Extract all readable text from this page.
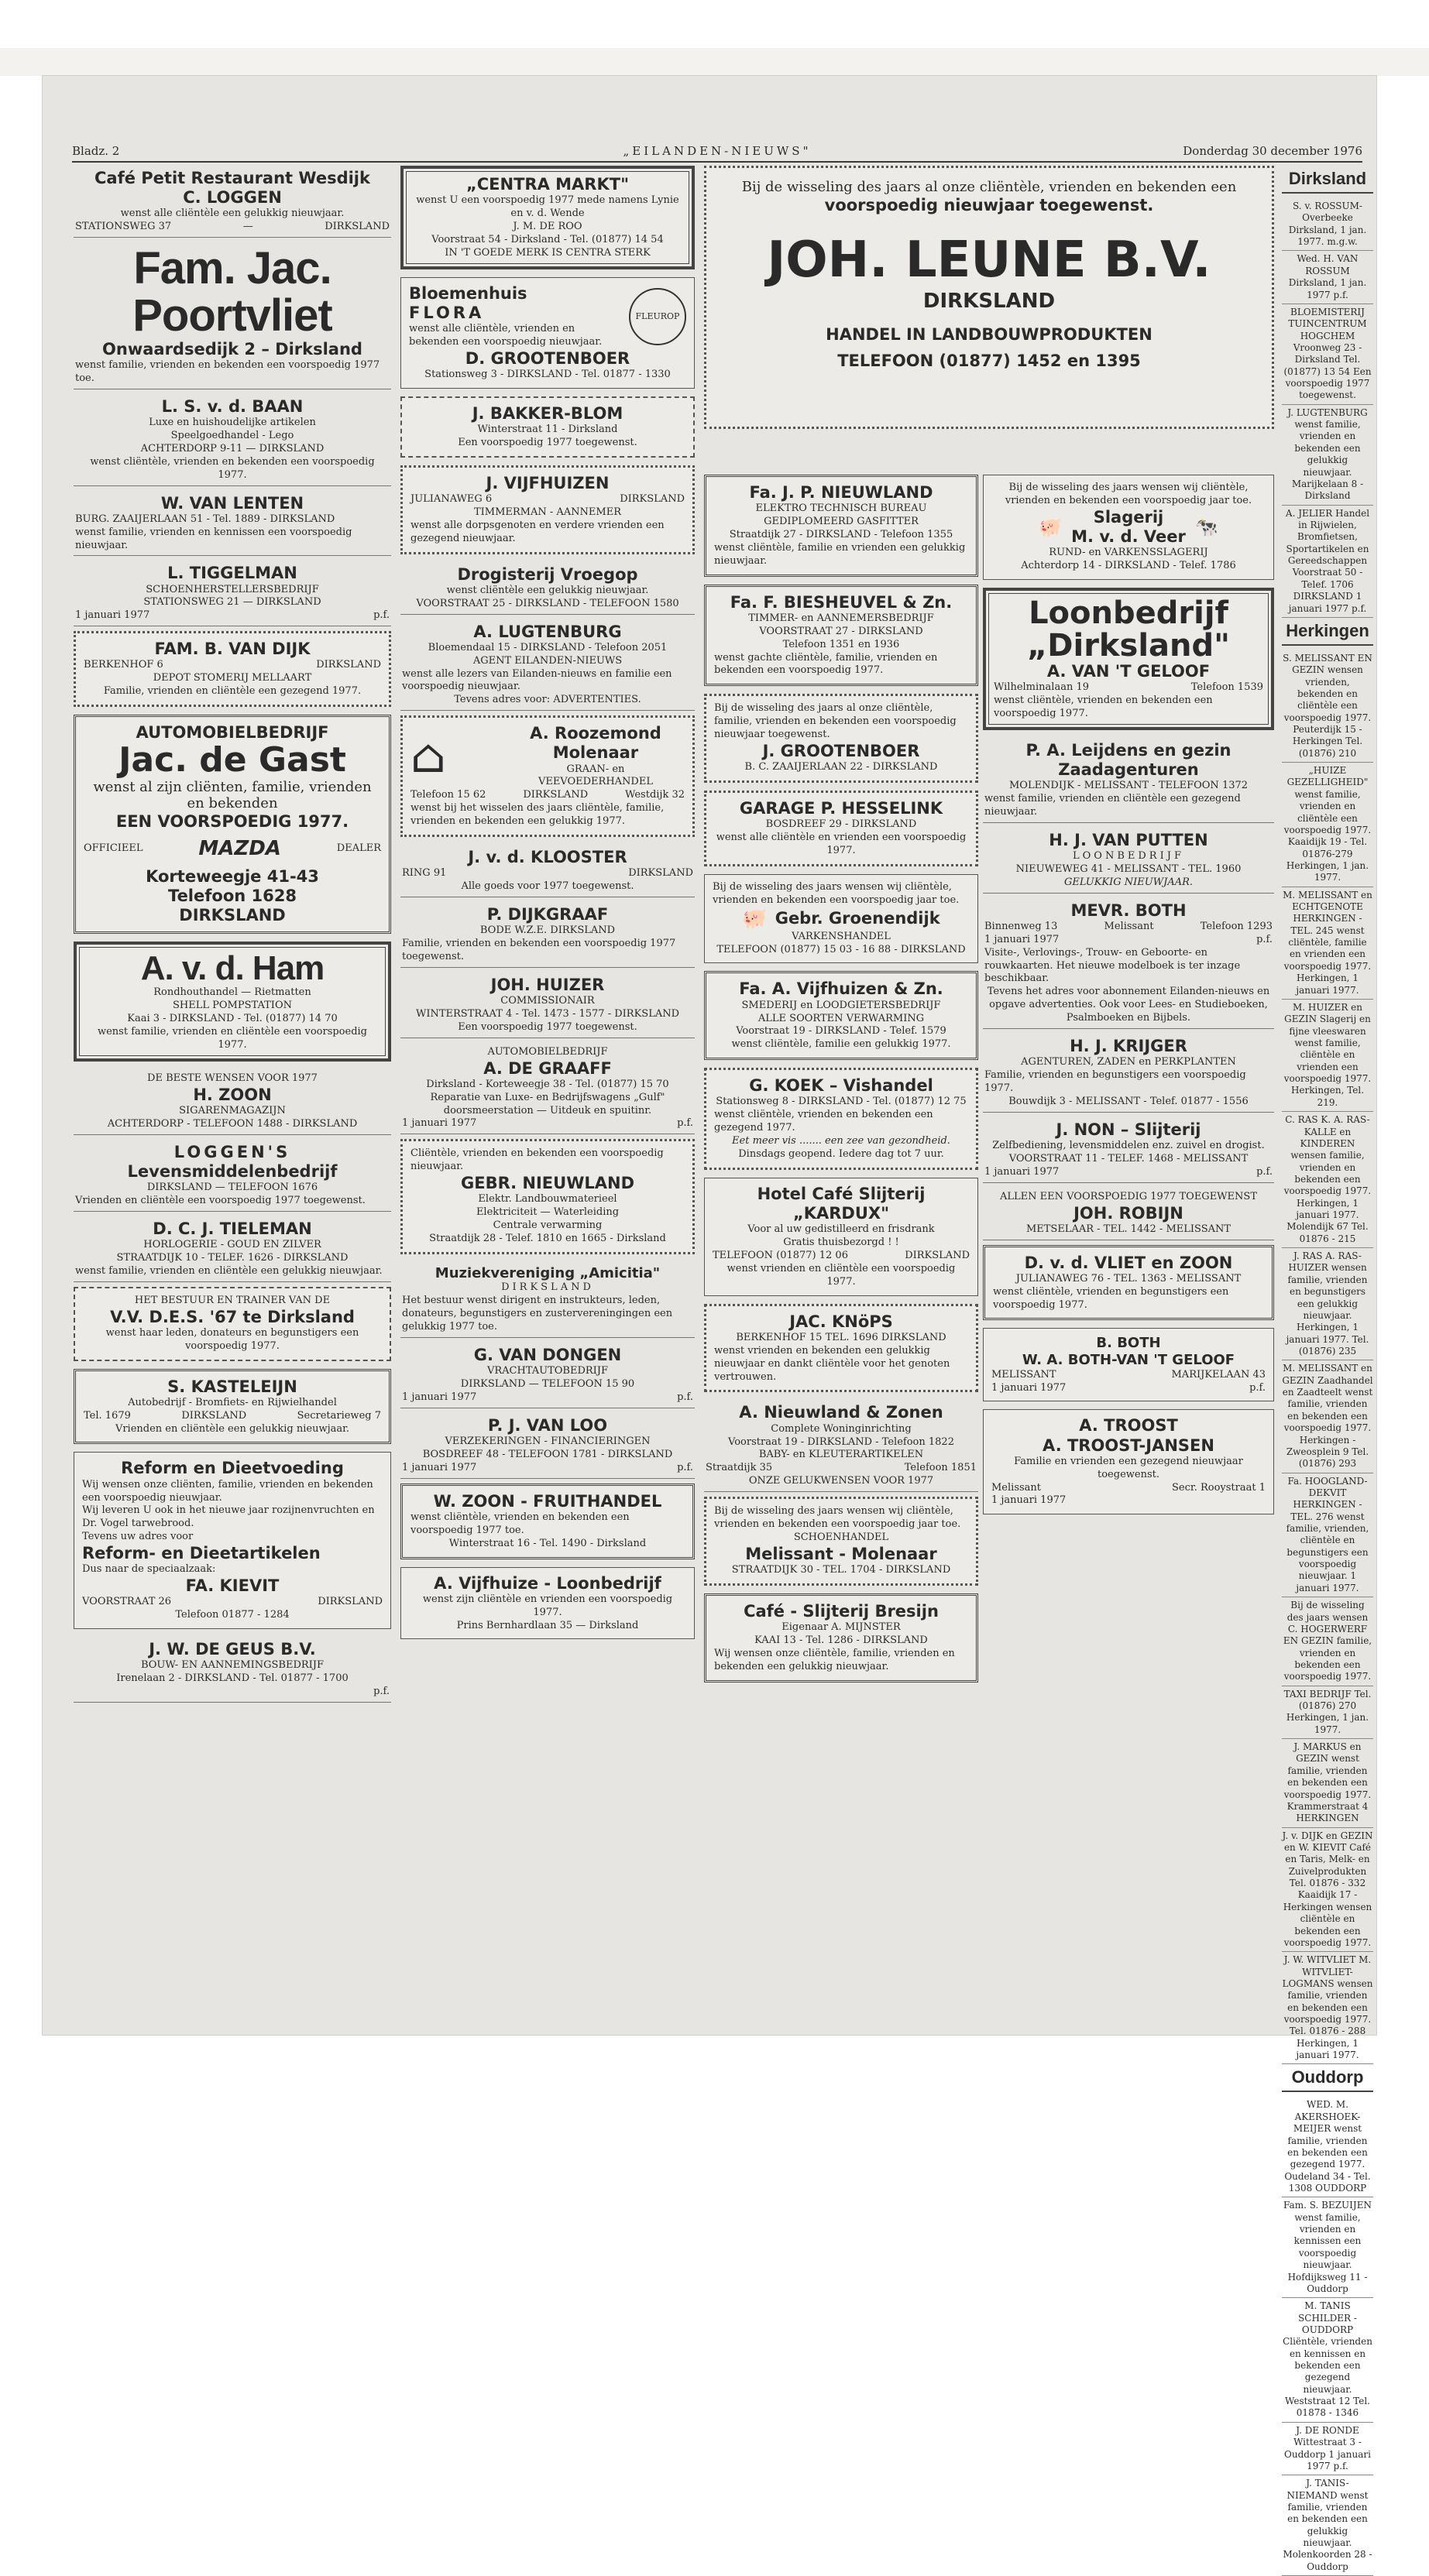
Bladz. 2	„EILANDEN-NIEUWS"	Donderdag 30 december 1976
Café Petit Restaurant Wesdijk
C. LOGGEN
wenst alle cliëntèle een gelukkig nieuwjaar.
STATIONSWEG 37	—	DIRKSLAND
Fam. Jac. Poortvliet
Onwaardsedijk 2 – Dirksland
wenst familie, vrienden en bekenden een voorspoedig 1977 toe.
L. S. v. d. BAAN
Luxe en huishoudelijke artikelen
Speelgoedhandel - Lego
ACHTERDORP 9-11 — DIRKSLAND
wenst cliëntèle, vrienden en bekenden een voorspoedig 1977.
W. VAN LENTEN
BURG. ZAAIJERLAAN 51 - Tel. 1889 - DIRKSLAND
wenst familie, vrienden en kennissen een voorspoedig nieuwjaar.
L. TIGGELMAN
SCHOENHERSTELLERSBEDRIJF
STATIONSWEG 21 — DIRKSLAND
1 januari 1977	p.f.
FAM. B. VAN DIJK
BERKENHOF 6	DIRKSLAND
DEPOT STOMERIJ MELLAART
Familie, vrienden en cliëntèle een gezegend 1977.
AUTOMOBIELBEDRIJF
Jac. de Gast
wenst al zijn cliënten, familie, vrienden en bekenden
EEN VOORSPOEDIG 1977.
OFFICIEEL	MAZDA	DEALER
Korteweegje 41-43
Telefoon 1628
DIRKSLAND
A. v. d. Ham
Rondhouthandel — Rietmatten
SHELL POMPSTATION
Kaai 3 - DIRKSLAND - Tel. (01877) 14 70
wenst familie, vrienden en cliëntèle een voorspoedig 1977.
DE BESTE WENSEN VOOR 1977
H. ZOON
SIGARENMAGAZIJN
ACHTERDORP - TELEFOON 1488 - DIRKSLAND
LOGGEN'S
Levensmiddelenbedrijf
DIRKSLAND — TELEFOON 1676
Vrienden en cliëntèle een voorspoedig 1977 toegewenst.
D. C. J. TIELEMAN
HORLOGERIE - GOUD EN ZILVER
STRAATDIJK 10 - TELEF. 1626 - DIRKSLAND
wenst familie, vrienden en cliëntèle een gelukkig nieuwjaar.
HET BESTUUR EN TRAINER VAN DE
V.V. D.E.S. '67 te Dirksland
wenst haar leden, donateurs en begunstigers een voorspoedig 1977.
S. KASTELEIJN
Autobedrijf - Bromfiets- en Rijwielhandel
Tel. 1679	DIRKSLAND	Secretarieweg 7
Vrienden en cliëntèle een gelukkig nieuwjaar.
Reform en Dieetvoeding
Wij wensen onze cliënten, familie, vrienden en bekenden een voorspoedig nieuwjaar.
Wij leveren U ook in het nieuwe jaar rozijnenvruchten en Dr. Vogel tarwebrood.
Tevens uw adres voor
Reform- en Dieetartikelen
Dus naar de speciaalzaak:
FA. KIEVIT
VOORSTRAAT 26	DIRKSLAND
Telefoon 01877 - 1284
J. W. DE GEUS B.V.
BOUW- EN AANNEMINGSBEDRIJF
Irenelaan 2 - DIRKSLAND - Tel. 01877 - 1700
p.f.
„CENTRA MARKT"
wenst U een voorspoedig 1977 mede namens Lynie en v. d. Wende
J. M. DE ROO
Voorstraat 54 - Dirksland - Tel. (01877) 14 54
IN 'T GOEDE MERK IS CENTRA STERK
Bloemenhuis
FLORA
wenst alle cliëntèle, vrienden en bekenden een voorspoedig nieuwjaar.
FLEUROP
D. GROOTENBOER
Stationsweg 3 - DIRKSLAND - Tel. 01877 - 1330
J. BAKKER-BLOM
Winterstraat 11 - Dirksland
Een voorspoedig 1977 toegewenst.
J. VIJFHUIZEN
JULIANAWEG 6	DIRKSLAND
TIMMERMAN - AANNEMER
wenst alle dorpsgenoten en verdere vrienden een gezegend nieuwjaar.
Drogisterij Vroegop
wenst cliëntèle een gelukkig nieuwjaar.
VOORSTRAAT 25 - DIRKSLAND - TELEFOON 1580
A. LUGTENBURG
Bloemendaal 15 - DIRKSLAND - Telefoon 2051
AGENT EILANDEN-NIEUWS
wenst alle lezers van Eilanden-nieuws en familie een voorspoedig nieuwjaar.
Tevens adres voor: ADVERTENTIES.
⌂	A. Roozemond
Molenaar
GRAAN- en
VEEVOEDERHANDEL
Telefoon 15 62	DIRKSLAND	Westdijk 32
wenst bij het wisselen des jaars cliëntèle, familie, vrienden en bekenden een gelukkig 1977.
J. v. d. KLOOSTER
RING 91	DIRKSLAND
Alle goeds voor 1977 toegewenst.
P. DIJKGRAAF
BODE W.Z.E. DIRKSLAND
Familie, vrienden en bekenden een voorspoedig 1977 toegewenst.
JOH. HUIZER
COMMISSIONAIR
WINTERSTRAAT 4 - Tel. 1473 - 1577 - DIRKSLAND
Een voorspoedig 1977 toegewenst.
AUTOMOBIELBEDRIJF
A. DE GRAAFF
Dirksland - Korteweegje 38 - Tel. (01877) 15 70
Reparatie van Luxe- en Bedrijfswagens „Gulf" doorsmeerstation — Uitdeuk en spuitinr.
1 januari 1977	p.f.
Cliëntèle, vrienden en bekenden een voorspoedig nieuwjaar.
GEBR. NIEUWLAND
Elektr. Landbouwmaterieel
Elektriciteit — Waterleiding
Centrale verwarming
Straatdijk 28 - Telef. 1810 en 1665 - Dirksland
Muziekvereniging „Amicitia"
DIRKSLAND
Het bestuur wenst dirigent en instrukteurs, leden, donateurs, begunstigers en zustervereningingen een gelukkig 1977 toe.
G. VAN DONGEN
VRACHTAUTOBEDRIJF
DIRKSLAND — TELEFOON 15 90
1 januari 1977	p.f.
P. J. VAN LOO
VERZEKERINGEN - FINANCIERINGEN
BOSDREEF 48 - TELEFOON 1781 - DIRKSLAND
1 januari 1977	p.f.
W. ZOON - FRUITHANDEL
wenst cliëntèle, vrienden en bekenden een voorspoedig 1977 toe.
Winterstraat 16 - Tel. 1490 - Dirksland
A. Vijfhuize - Loonbedrijf
wenst zijn cliëntèle en vrienden een voorspoedig 1977.
Prins Bernhardlaan 35 — Dirksland
Fa. J. P. NIEUWLAND
ELEKTRO TECHNISCH BUREAU
GEDIPLOMEERD GASFITTER
Straatdijk 27 - DIRKSLAND - Telefoon 1355
wenst cliëntèle, familie en vrienden een gelukkig nieuwjaar.
Fa. F. BIESHEUVEL & Zn.
TIMMER- en AANNEMERSBEDRIJF
VOORSTRAAT 27 - DIRKSLAND
Telefoon 1351 en 1936
wenst gachte cliëntèle, familie, vrienden en bekenden een voorspoedig 1977.
Bij de wisseling des jaars al onze cliëntèle, familie, vrienden en bekenden een voorspoedig nieuwjaar toegewenst.
J. GROOTENBOER
B. C. ZAAIJERLAAN 22 - DIRKSLAND
GARAGE P. HESSELINK
BOSDREEF 29 - DIRKSLAND
wenst alle cliëntèle en vrienden een voorspoedig 1977.
Bij de wisseling des jaars wensen wij cliëntèle, vrienden en bekenden een voorspoedig jaar toe.
🐖 Gebr. Groenendijk
VARKENSHANDEL
TELEFOON (01877) 15 03 - 16 88 - DIRKSLAND
Fa. A. Vijfhuizen & Zn.
SMEDERIJ en LOODGIETERSBEDRIJF
ALLE SOORTEN VERWARMING
Voorstraat 19 - DIRKSLAND - Telef. 1579
wenst cliëntèle, familie een gelukkig 1977.
G. KOEK – Vishandel
Stationsweg 8 - DIRKSLAND - Tel. (01877) 12 75
wenst cliëntèle, vrienden en bekenden een gezegend 1977.
Eet meer vis ....... een zee van gezondheid.
Dinsdags geopend. Iedere dag tot 7 uur.
Hotel Café Slijterij
„KARDUX"
Voor al uw gedistilleerd en frisdrank
Gratis thuisbezorgd ! !
TELEFOON (01877) 12 06	DIRKSLAND
wenst vrienden en cliëntèle een voorspoedig 1977.
JAC. KNöPS
BERKENHOF 15 TEL. 1696 DIRKSLAND
wenst vrienden en bekenden een gelukkig nieuwjaar en dankt cliëntèle voor het genoten vertrouwen.
A. Nieuwland & Zonen
Complete Woninginrichting
Voorstraat 19 - DIRKSLAND - Telefoon 1822
BABY- en KLEUTERARTIKELEN
Straatdijk 35	Telefoon 1851
ONZE GELUKWENSEN VOOR 1977
Bij de wisseling des jaars wensen wij cliëntèle, vrienden en bekenden een voorspoedig jaar toe.
SCHOENHANDEL
Melissant - Molenaar
STRAATDIJK 30 - TEL. 1704 - DIRKSLAND
Café - Slijterij Bresijn
Eigenaar A. MIJNSTER
KAAI 13 - Tel. 1286 - DIRKSLAND
Wij wensen onze cliëntèle, familie, vrienden en bekenden een gelukkig nieuwjaar.
Bij de wisseling des jaars al onze cliëntèle, vrienden en bekenden een
voorspoedig nieuwjaar toegewenst.
JOH. LEUNE B.V.
DIRKSLAND
HANDEL IN LANDBOUWPRODUKTEN
TELEFOON (01877) 1452 en 1395
Bij de wisseling des jaars wensen wij cliëntèle, vrienden en bekenden een voorspoedig jaar toe.
🐖	Slagerij
M. v. d. Veer 🐄
RUND- en VARKENSSLAGERIJ
Achterdorp 14 - DIRKSLAND - Telef. 1786
Loonbedrijf
„Dirksland"
A. VAN 'T GELOOF
Wilhelminalaan 19	Telefoon 1539
wenst cliëntèle, vrienden en bekenden een voorspoedig 1977.
P. A. Leijdens en gezin
Zaadagenturen
MOLENDIJK - MELISSANT - TELEFOON 1372
wenst familie, vrienden en cliëntèle een gezegend nieuwjaar.
H. J. VAN PUTTEN
LOONBEDRIJF
NIEUWEWEG 41 - MELISSANT - TEL. 1960
GELUKKIG NIEUWJAAR.
MEVR. BOTH
Binnenweg 13	Melissant	Telefoon 1293
1 januari 1977	p.f.
Visite-, Verlovings-, Trouw- en Geboorte- en rouwkaarten. Het nieuwe modelboek is ter inzage beschikbaar.
Tevens het adres voor abonnement Eilanden-nieuws en opgave advertenties. Ook voor Lees- en Studieboeken, Psalmboeken en Bijbels.
H. J. KRIJGER
AGENTUREN, ZADEN en PERKPLANTEN
Familie, vrienden en begunstigers een voorspoedig 1977.
Bouwdijk 3 - MELISSANT - Telef. 01877 - 1556
J. NON – Slijterij
Zelfbediening, levensmiddelen enz. zuivel en drogist.
VOORSTRAAT 11 - TELEF. 1468 - MELISSANT
1 januari 1977	p.f.
ALLEN EEN VOORSPOEDIG 1977 TOEGEWENST
JOH. ROBIJN
METSELAAR - TEL. 1442 - MELISSANT
D. v. d. VLIET en ZOON
JULIANAWEG 76 - TEL. 1363 - MELISSANT
wenst cliëntèle, vrienden en begunstigers een voorspoedig 1977.
B. BOTH
W. A. BOTH-VAN 'T GELOOF
MELISSANT	MARIJKELAAN 43
1 januari 1977	p.f.
A. TROOST
A. TROOST-JANSEN
Familie en vrienden een gezegend nieuwjaar toegewenst.
Melissant	Secr. Rooystraat 1
1 januari 1977
Dirksland
S. v. ROSSUM-Overbeeke Dirksland, 1 jan. 1977. m.g.w.
Wed. H. VAN ROSSUM Dirksland, 1 jan. 1977 p.f.
BLOEMISTERIJ TUINCENTRUM HOGCHEM Vroonweg 23 - Dirksland Tel. (01877) 13 54 Een voorspoedig 1977 toegewenst.
J. LUGTENBURG wenst familie, vrienden en bekenden een gelukkig nieuwjaar. Marijkelaan 8 - Dirksland
A. JELIER Handel in Rijwielen, Bromfietsen, Sportartikelen en Gereedschappen Voorstraat 50 - Telef. 1706 DIRKSLAND 1 januari 1977 p.f.
Herkingen
S. MELISSANT EN GEZIN wensen vrienden, bekenden en cliëntèle een voorspoedig 1977. Peuterdijk 15 - Herkingen Tel. (01876) 210
„HUIZE GEZELLIGHEID" wenst familie, vrienden en cliëntèle een voorspoedig 1977. Kaaidijk 19 - Tel. 01876-279 Herkingen, 1 jan. 1977.
M. MELISSANT en ECHTGENOTE HERKINGEN - TEL. 245 wenst cliëntèle, familie en vrienden een voorspoedig 1977. Herkingen, 1 januari 1977.
M. HUIZER en GEZIN Slagerij en fijne vleeswaren wenst familie, cliëntèle en vrienden een voorspoedig 1977. Herkingen, Tel. 219.
C. RAS K. A. RAS-KALLE en KINDEREN wensen familie, vrienden en bekenden een voorspoedig 1977. Herkingen, 1 januari 1977. Molendijk 67 Tel. 01876 - 215
J. RAS A. RAS-HUIZER wensen familie, vrienden en begunstigers een gelukkig nieuwjaar. Herkingen, 1 januari 1977. Tel. (01876) 235
M. MELISSANT en GEZIN Zaadhandel en Zaadteelt wenst familie, vrienden en bekenden een voorspoedig 1977. Herkingen - Zweosplein 9 Tel. (01876) 293
Fa. HOOGLAND-DEKVIT HERKINGEN - TEL. 276 wenst familie, vrienden, cliëntèle en begunstigers een voorspoedig nieuwjaar. 1 januari 1977.
Bij de wisseling des jaars wensen C. HOGERWERF EN GEZIN familie, vrienden en bekenden een voorspoedig 1977.
TAXI BEDRIJF Tel. (01876) 270 Herkingen, 1 jan. 1977.
J. MARKUS en GEZIN wenst familie, vrienden en bekenden een voorspoedig 1977. Krammerstraat 4 HERKINGEN
J. v. DIJK en GEZIN en W. KIEVIT Café en Taris, Melk- en Zuivelprodukten Tel. 01876 - 332 Kaaidijk 17 - Herkingen wensen cliëntèle en bekenden een voorspoedig 1977.
J. W. WITVLIET M. WITVLIET-LOGMANS wensen familie, vrienden en bekenden een voorspoedig 1977. Tel. 01876 - 288 Herkingen, 1 januari 1977.
Ouddorp
WED. M. AKERSHOEK-MEIJER wenst familie, vrienden en bekenden een gezegend 1977. Oudeland 34 - Tel. 1308 OUDDORP
Fam. S. BEZUIJEN wenst familie, vrienden en kennissen een voorspoedig nieuwjaar. Hofdijksweg 11 - Ouddorp
M. TANIS SCHILDER - OUDDORP Cliëntèle, vrienden en kennissen en bekenden een gezegend nieuwjaar. Weststraat 12 Tel. 01878 - 1346
J. DE RONDE Wittestraat 3 - Ouddorp 1 januari 1977 p.f.
J. TANIS-NIEMAND wenst familie, vrienden en bekenden een gelukkig nieuwjaar. Molenkoorden 28 - Ouddorp
